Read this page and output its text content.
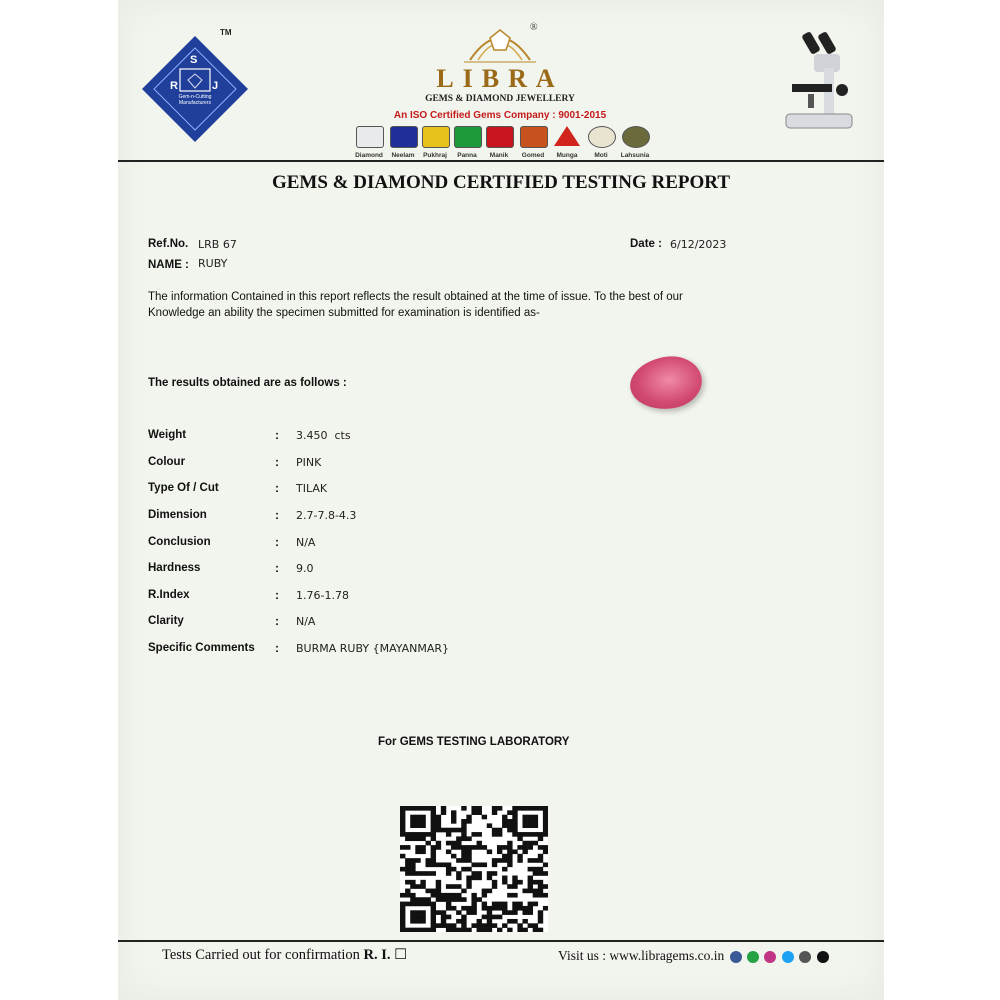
S
R	J
Gem-n-Cutting Manufacturers
TM	®
LIBRA
GEMS & DIAMOND JEWELLERY
An ISO Certified Gems Company : 9001-2015
Diamond	Neelam	Pukhraj	Panna	Manik	Gomed	Munga	Moti	Lahsunia
GEMS & DIAMOND CERTIFIED TESTING REPORT
Ref.No. LRB 67
NAME : RUBY
Date : 6/12/2023
The information Contained in this report reflects the result obtained at the time of issue. To the best of our
Knowledge an ability the specimen submitted for examination is identified as-
The results obtained are as follows :
Weight	: 3.450  cts
Colour	: PINK
Type Of / Cut	: TILAK
Dimension	: 2.7-7.8-4.3
Conclusion	: N/A
Hardness	: 9.0
R.Index	: 1.76-1.78
Clarity	: N/A
Specific Comments : BURMA RUBY {MAYANMAR}
For GEMS TESTING LABORATORY
Tests Carried out for confirmation R. I. ☐	Visit us : www.libragems.co.in
